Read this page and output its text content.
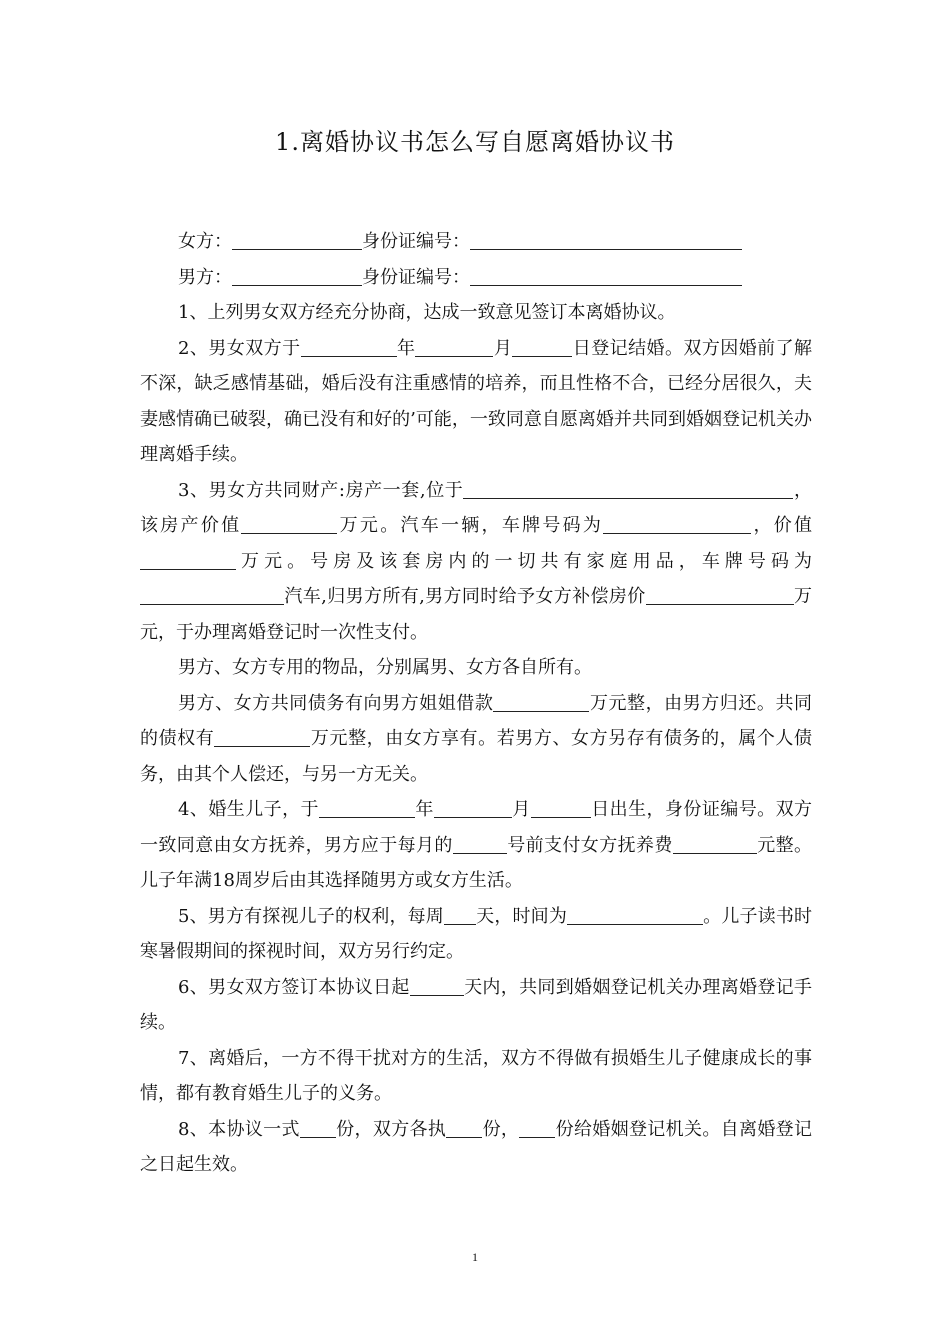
1.离婚协议书怎么写自愿离婚协议书

女方：	身份证编号：

男方：	身份证编号：

1、上列男女双方经充分协商，达成一致意见签订本离婚协议。

2、男女双方于	年	月	日登记结婚。双方因婚前了解不深，缺乏感情基础，婚后没有注重感情的培养，而且性格不合，已经分居很久，夫妻感情确已破裂，确已没有和好的’可能，一致同意自愿离婚并共同到婚姻登记机关办理离婚手续。

3、男女方共同财产:房产一套,位于	，该房产价值	万元。汽车一辆，车牌号码为	，价值万元。号房及该套房内的一切共有家庭用品，车牌号码为汽车,归男方所有,男方同时给予女方补偿房价	万元，于办理离婚登记时一次性支付。

男方、女方专用的物品，分别属男、女方各自所有。

男方、女方共同债务有向男方姐姐借款	万元整，由男方归还。共同的债权有	万元整，由女方享有。若男方、女方另存有债务的，属个人债务，由其个人偿还，与另一方无关。

4、婚生儿子，于	年	月	日出生，身份证编号。双方一致同意由女方抚养，男方应于每月的	号前支付女方抚养费	元整。儿子年满18周岁后由其选择随男方或女方生活。

5、男方有探视儿子的权利，每周 天，时间为	。儿子读书时寒暑假期间的探视时间，双方另行约定。

6、男女双方签订本协议日起	天内，共同到婚姻登记机关办理离婚登记手续。

7、离婚后，一方不得干扰对方的生活，双方不得做有损婚生儿子健康成长的事情，都有教育婚生儿子的义务。

8、本协议一式 份，双方各执 份， 份给婚姻登记机关。自离婚登记之日起生效。

1
